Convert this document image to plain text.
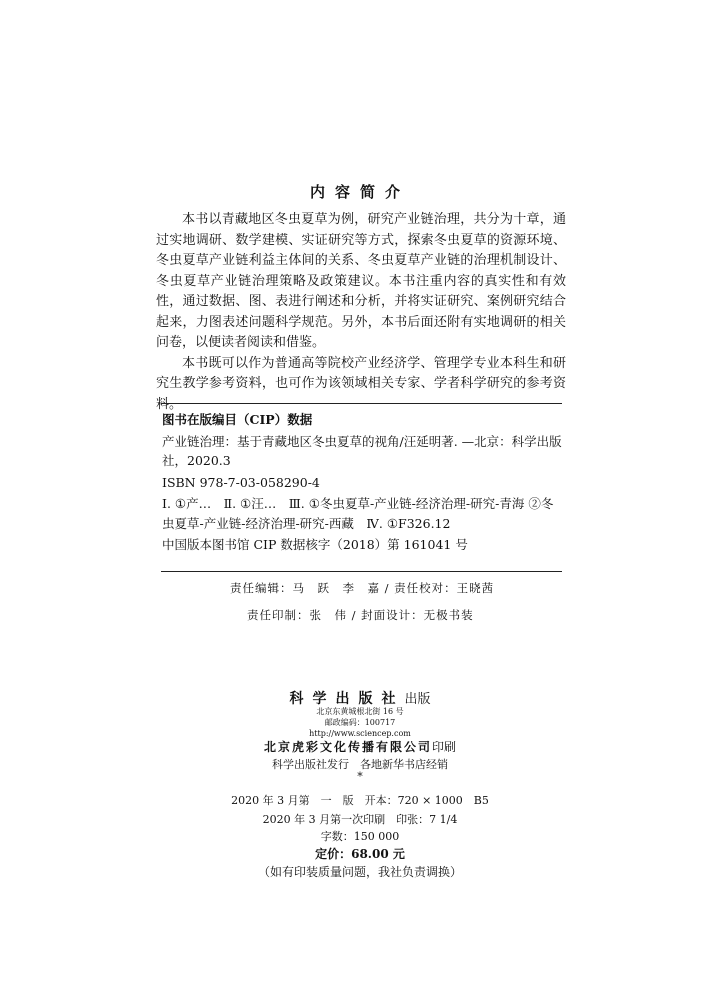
内容简介

本书以青藏地区冬虫夏草为例，研究产业链治理，共分为十章，通过实地调研、数学建模、实证研究等方式，探索冬虫夏草的资源环境、冬虫夏草产业链利益主体间的关系、冬虫夏草产业链的治理机制设计、冬虫夏草产业链治理策略及政策建议。本书注重内容的真实性和有效性，通过数据、图、表进行阐述和分析，并将实证研究、案例研究结合起来，力图表述问题科学规范。另外，本书后面还附有实地调研的相关问卷，以便读者阅读和借鉴。

本书既可以作为普通高等院校产业经济学、管理学专业本科生和研究生教学参考资料，也可作为该领域相关专家、学者科学研究的参考资料。

图书在版编目（CIP）数据
产业链治理：基于青藏地区冬虫夏草的视角/汪延明著. —北京：科学出版社，2020.3
ISBN 978-7-03-058290-4
Ⅰ. ①产…　Ⅱ. ①汪…　Ⅲ. ①冬虫夏草-产业链-经济治理-研究-青海 ②冬虫夏草-产业链-经济治理-研究-西藏　Ⅳ. ①F326.12
中国版本图书馆 CIP 数据核字（2018）第 161041 号
责任编辑：马　跃　李　嘉 / 责任校对：王晓茜
责任印制：张　伟 / 封面设计：无极书装
科学出版社出版
北京东黄城根北街 16 号
邮政编码：100717
http://www.sciencep.com
北京虎彩文化传播有限公司印刷
科学出版社发行　各地新华书店经销
*
2020 年 3 月第　一　版　开本：720 × 1000　B5
2020 年 3 月第一次印刷　印张：7 1/4
字数：150 000
定价：68.00 元
（如有印装质量问题，我社负责调换）
